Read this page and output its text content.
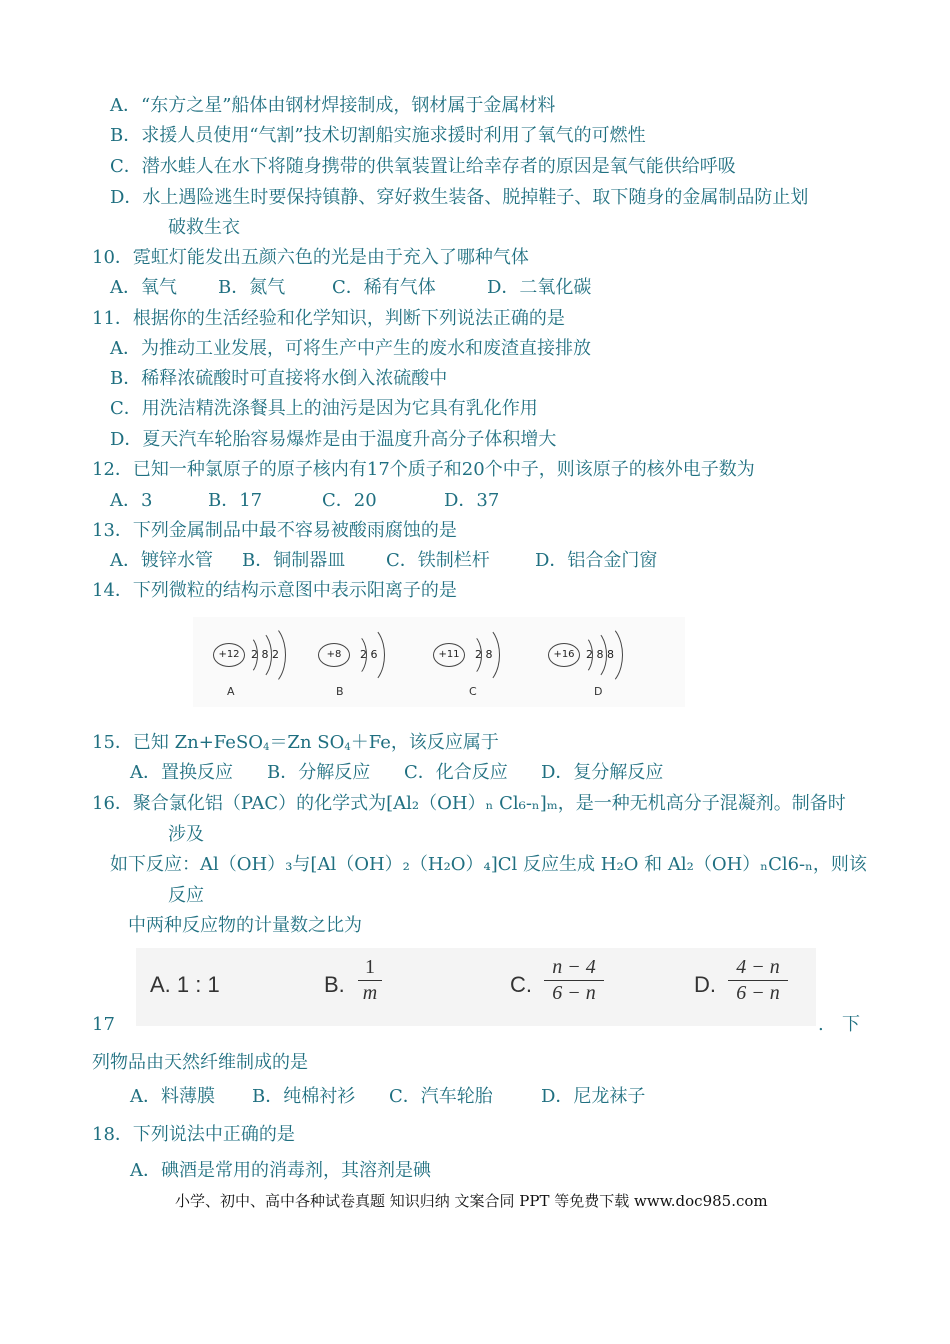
A．“东方之星”船体由钢材焊接制成，钢材属于金属材料
B．求援人员使用“气割”技术切割船实施求援时利用了氧气的可燃性
C．潜水蛙人在水下将随身携带的供氧装置让给幸存者的原因是氧气能供给呼吸
D．水上遇险逃生时要保持镇静、穿好救生装备、脱掉鞋子、取下随身的金属制品防止划
破救生衣
10．霓虹灯能发出五颜六色的光是由于充入了哪种气体
A．氧气 B．氮气	C．稀有气体	D．二氧化碳
11．根据你的生活经验和化学知识，判断下列说法正确的是
A．为推动工业发展，可将生产中产生的废水和废渣直接排放
B．稀释浓硫酸时可直接将水倒入浓硫酸中
C．用洗洁精洗涤餐具上的油污是因为它具有乳化作用
D．夏天汽车轮胎容易爆炸是由于温度升高分子体积增大
12．已知一种氯原子的原子核内有17个质子和20个中子，则该原子的核外电子数为
A．3	B．17	C．20	D．37
13．下列金属制品中最不容易被酸雨腐蚀的是
A．镀锌水管 B．铜制器皿 C．铁制栏杆	D．铝合金门窗
14．下列微粒的结构示意图中表示阳离子的是
+12	2 8 2
A
+8	2 6
B
+11	2 8
C
+16	2 8 8
D
15．已知 Zn+FeSO$_4$＝Zn $SO_4+Fe$，该反应属于
A．置换反应 B．分解反应 C．化合反应 D．复分解反应
16．聚合氯化铝（PAC）的化学式为[Al₂（OH）ₙ Cl₆-ₙ]ₘ，是一种无机高分子混凝剂。制备时
涉及
如下反应：Al（OH）₃与[Al（OH）₂（H₂O）₄]Cl 反应生成 H₂O 和 Al₂（OH）ₙCl6-ₙ，则该
反应
中两种反应物的计量数之比为
A. 1 : 1	B.
1
m	C.
n − 4
6 − n	D.
4 − n
6 − n
17	. 下
列物品由天然纤维制成的是
A．料薄膜 B．纯棉衬衫 C．汽车轮胎	D．尼龙袜子
18．下列说法中正确的是
A．碘酒是常用的消毒剂，其溶剂是碘
小学、初中、高中各种试卷真题 知识归纳 文案合同 PPT 等免费下载 www.doc985.com
